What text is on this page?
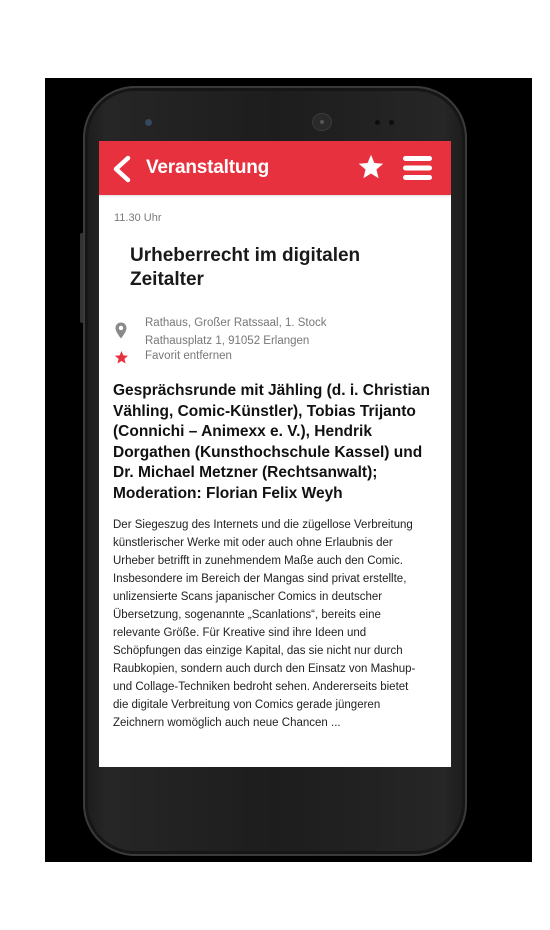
Veranstaltung
11.30 Uhr
Urheberrecht im digitalen
Zeitalter
Rathaus, Großer Ratssaal, 1. Stock
Rathausplatz 1, 91052 Erlangen
Favorit entfernen
Gesprächsrunde mit Jähling (d. i. Christian
Vähling, Comic-Künstler), Tobias Trijanto
(Connichi – Animexx e. V.), Hendrik
Dorgathen (Kunsthochschule Kassel) und
Dr. Michael Metzner (Rechtsanwalt);
Moderation: Florian Felix Weyh
Der Siegeszug des Internets und die zügellose Verbreitung
künstlerischer Werke mit oder auch ohne Erlaubnis der
Urheber betrifft in zunehmendem Maße auch den Comic.
Insbesondere im Bereich der Mangas sind privat erstellte,
unlizensierte Scans japanischer Comics in deutscher
Übersetzung, sogenannte „Scanlations“, bereits eine
relevante Größe. Für Kreative sind ihre Ideen und
Schöpfungen das einzige Kapital, das sie nicht nur durch
Raubkopien, sondern auch durch den Einsatz von Mashup-
und Collage-Techniken bedroht sehen. Andererseits bietet
die digitale Verbreitung von Comics gerade jüngeren
Zeichnern womöglich auch neue Chancen ...
